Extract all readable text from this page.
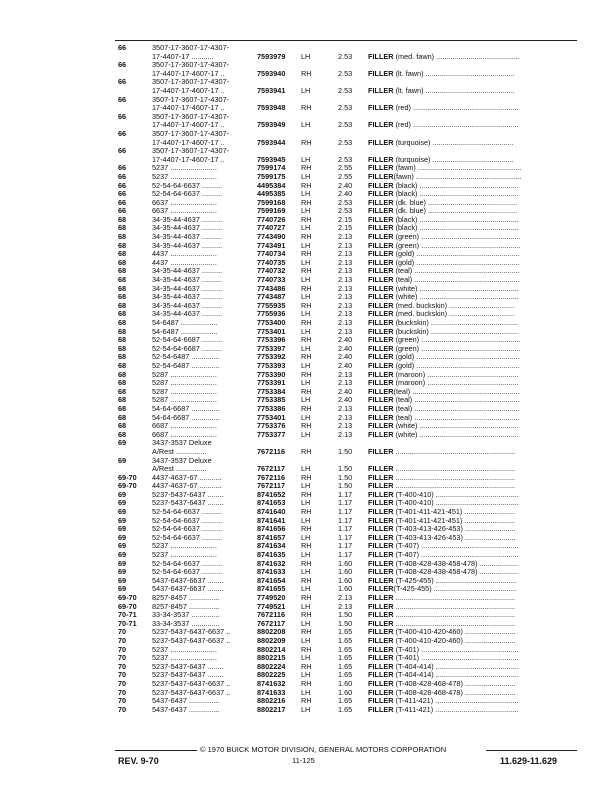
66	3507-17-3607-17-4307-
17-4407-17 ...........	7593979 LH	2.53 FILLER (med. fawn) .........................................
66	3507-17-3607-17-4307-
17-4407-17-4607-17 ..	7593940 RH	2.53 FILLER (lt. fawn) ............................................
66	3507-17-3607-17-4307-
17-4407-17-4607-17 ..	7593941 LH	2.53 FILLER (lt. fawn) ............................................
66	3507-17-3607-17-4307-
17-4407-17-4607-17 ..	7593948 RH	2.53 FILLER (red) ....................................................
66	3507-17-3607-17-4307-
17-4407-17-4607-17 ..	7593949 LH	2.53 FILLER (red) ....................................................
66	3507-17-3607-17-4307-
17-4407-17-4607-17 ..	7593944 RH	2.53 FILLER (turquoise) ........................................
66	3507-17-3607-17-4307-
17-4407-17-4607-17 ..	7593945 LH	2.53 FILLER (turquoise) ........................................
66	5237 .......................	7599174 RH	2.55 FILLER (fawn) ...................................................
66	5237 .......................	7599175 LH	2.55 FILLER(fawn) ....................................................
66	52-54-64-6637 ..........	4495384 RH	2.40 FILLER (black) .................................................
66	52-54-64-6637 ..........	4495385 LH	2.40 FILLER (black) .................................................
66	6637 .......................	7599168 RH	2.53 FILLER (dk. blue) ............................................
66	6637 .......................	7599169 LH	2.53 FILLER (dk. blue) ............................................
68	34-35-44-4637 ..........	7740726 RH	2.15 FILLER (black) .................................................
68	34-35-44-4637 ..........	7740727 LH	2.15 FILLER (black) .................................................
68	34-35-44-4637 ..........	7743490 RH	2.13 FILLER (green) .................................................
68	34-35-44-4637 ..........	7743491 LH	2.13 FILLER (green) .................................................
68	4437 .......................	7740734 RH	2.13 FILLER (gold) ...................................................
68	4437 .......................	7740735 LH	2.13 FILLER (gold) ...................................................
68	34-35-44-4637 ..........	7740732 RH	2.13 FILLER (teal) ....................................................
68	34-35-44-4637 ..........	7740733 LH	2.13 FILLER (teal) ....................................................
68	34-35-44-4637 ..........	7743486 RH	2.13 FILLER (white) .................................................
68	34-35-44-4637 ..........	7743487 LH	2.13 FILLER (white) .................................................
68	34-35-44-4637 ..........	7755935 RH	2.13 FILLER (med. buckskin) ................................
68	34-35-44-4637 ..........	7755936 LH	2.13 FILLER (med. buckskin) ................................
68	54-6487 ..................	7753400 RH	2.13 FILLER (buckskin) ...........................................
68	54-6487 ..................	7753401 LH	2.13 FILLER (buckskin) ...........................................
68	52-54-64-6687 ..........	7753396 RH	2.40 FILLER (green) .................................................
68	52-54-64-6687 ..........	7753397 LH	2.40 FILLER (green) .................................................
68	52-54-6487 ..............	7753392 RH	2.40 FILLER (gold) ...................................................
68	52-54-6487 ..............	7753393 LH	2.40 FILLER (gold) ...................................................
68	5287 .......................	7753390 RH	2.13 FILLER (maroon) .............................................
68	5287 .......................	7753391 LH	2.13 FILLER (maroon) .............................................
68	5287 .......................	7753384 RH	2.40 FILLER(teal) .....................................................
68	5287 .......................	7753385 LH	2.40 FILLER (teal) ....................................................
68	54-64-6687 ..............	7753386 RH	2.13 FILLER (teal) ....................................................
68	54-64-6687 ..............	7753401 LH	2.13 FILLER (teal) ....................................................
68	6687 .......................	7753376 RH	2.13 FILLER (white) .................................................
68	6687 .......................	7753377 LH	2.13 FILLER (white) .................................................
69	3437-3537 Deluxe
A/Rest ...............	7672116 RH	1.50 FILLER ...........................................................
69	3437-3537 Deluxe
A/Rest ...............	7672117 LH	1.50 FILLER ...........................................................
69-70 4437-4637-67 ...........	7672116 RH	1.50 FILLER ...........................................................
69-70 4437-4637-67 ...........	7672117 LH	1.50 FILLER ...........................................................
69	5237-5437-6437 ........	8741652 RH	1.17 FILLER (T-400-410) .........................................
69	5237-5437-6437 ........	8741653 LH	1.17 FILLER (T-400-410) .........................................
69	52-54-64-6637 ..........	8741640 RH	1.17 FILLER (T-401-411-421-451) .........................
69	52-54-64-6637 ..........	8741641 LH	1.17 FILLER (T-401-411-421-451) .........................
69	52-54-64-6637 ..........	8741656 RH	1.17 FILLER (T-403-413-426-453) .........................
69	52-54-64-6637 ..........	8741657 LH	1.17 FILLER (T-403-413-426-453) .........................
69	5237 .......................	8741634 RH	1.17 FILLER (T-407) ................................................
69	5237 .......................	8741635 LH	1.17 FILLER (T-407) ................................................
69	52-54-64-6637 ..........	8741632 RH	1.60 FILLER (T-408-428-438-458-478) ...................
69	52-54-64-6637 ..........	8741633 LH	1.60 FILLER (T-408-428-438-458-478) ...................
69	5437-6437-6637 ........	8741654 RH	1.60 FILLER (T-425-455) ........................................
69	5437-6437-6637 ........	8741655 LH	1.60 FILLER(T-425-455) .........................................
69-70 8257-8457 ...............	7749520 RH	2.13 FILLER ...........................................................
69-70 8257-8457 ...............	7749521 LH	2.13 FILLER ...........................................................
70-71 33-34-3537 ..............	7672116 RH	1.50 FILLER ...........................................................
70-71 33-34-3537 ..............	7672117 LH	1.50 FILLER ...........................................................
70	5237-5437-6437-6637 ..	8802208 RH	1.65 FILLER (T-400-410-420-460) .........................
70	5237-5437-6437-6637 ..	8802209 LH	1.65 FILLER (T-400-410-420-460) .........................
70	5237 .......................	8802214 RH	1.65 FILLER (T-401) ................................................
70	5237 .......................	8802215 LH	1.65 FILLER (T-401) ................................................
70	5237-5437-6437 ........	8802224 RH	1.65 FILLER (T-404-414) .........................................
70	5237-5437-6437 ........	8802225 LH	1.65 FILLER (T-404-414) .........................................
70	5237-5437-6437-6637 ..	8741632 RH	1.60 FILLER (T-408-428-468-478) .........................
70	5237-5437-6437-6637 ..	8741633 LH	1.60 FILLER (T-408-428-468-478) .........................
70	5437-6437 ...............	8802216 RH	1.65 FILLER (T-411-421) .........................................
70	5437-6437 ...............	8802217 LH	1.65 FILLER (T-411-421) .........................................
© 1970 BUICK MOTOR DIVISION, GENERAL MOTORS CORPORATION
REV. 9-70	11-125	11.629-11.629
